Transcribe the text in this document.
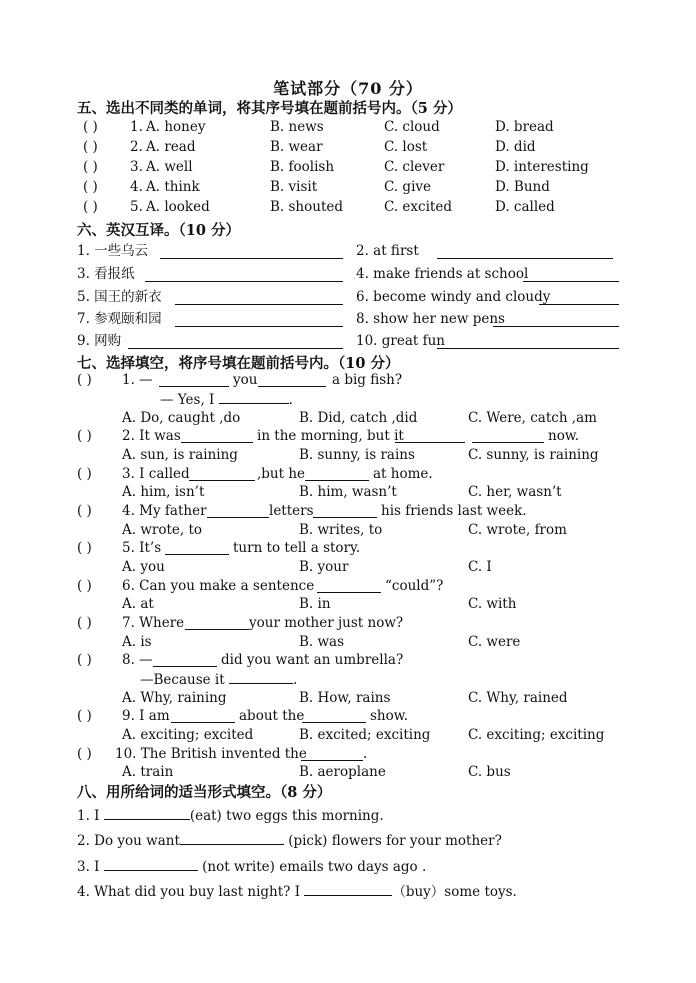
笔试部分（70 分）
五、选出不同类的单词，将其序号填在题前括号内。（5 分）
( ) 1. A. honey	B. news	C. cloud	D. bread
( ) 2. A. read	B. wear	C. lost	D. did
( ) 3. A. well	B. foolish	C. clever	D. interesting
( ) 4. A. think	B. visit	C. give	D. Bund
( ) 5. A. looked	B. shouted	C. excited	D. called
六、英汉互译。（10 分）
1. 一些乌云	2. at first
3. 看报纸	4. make friends at school
5. 国王的新衣	6. become windy and cloudy
7. 参观颐和园	8. show her new pens
9. 网购	10. great fun
七、选择填空，将序号填在题前括号内。（10 分）
( ) 1. —	you	a big fish?
— Yes, I	.
A. Do, caught ,do	B. Did, catch ,did	C. Were, catch ,am
( ) 2. It was	in the morning, but it	now.
A. sun, is raining	B. sunny, is rains	C. sunny, is raining
( ) 3. I called	,but he	at home.
A. him, isn’t	B. him, wasn’t	C. her, wasn’t
( ) 4. My father	letters	his friends last week.
A. wrote, to	B. writes, to	C. wrote, from
( ) 5. It’s	turn to tell a story.
A. you	B. your	C. I
( ) 6. Can you make a sentence	“could”?
A. at	B. in	C. with
( ) 7. Where	your mother just now?
A. is	B. was	C. were
( ) 8. —	did you want an umbrella?
—Because it	.
A. Why, raining	B. How, rains	C. Why, rained
( ) 9. I am	about the	show.
A. exciting; excited	B. excited; exciting	C. exciting; exciting
( ) 10. The British invented the	.
A. train	B. aeroplane	C. bus
八、用所给词的适当形式填空。（8 分）
1. I	(eat) two eggs this morning.
2. Do you want	(pick) flowers for your mother?
3. I	(not write) emails two days ago .
4. What did you buy last night? I	（buy）some toys.
